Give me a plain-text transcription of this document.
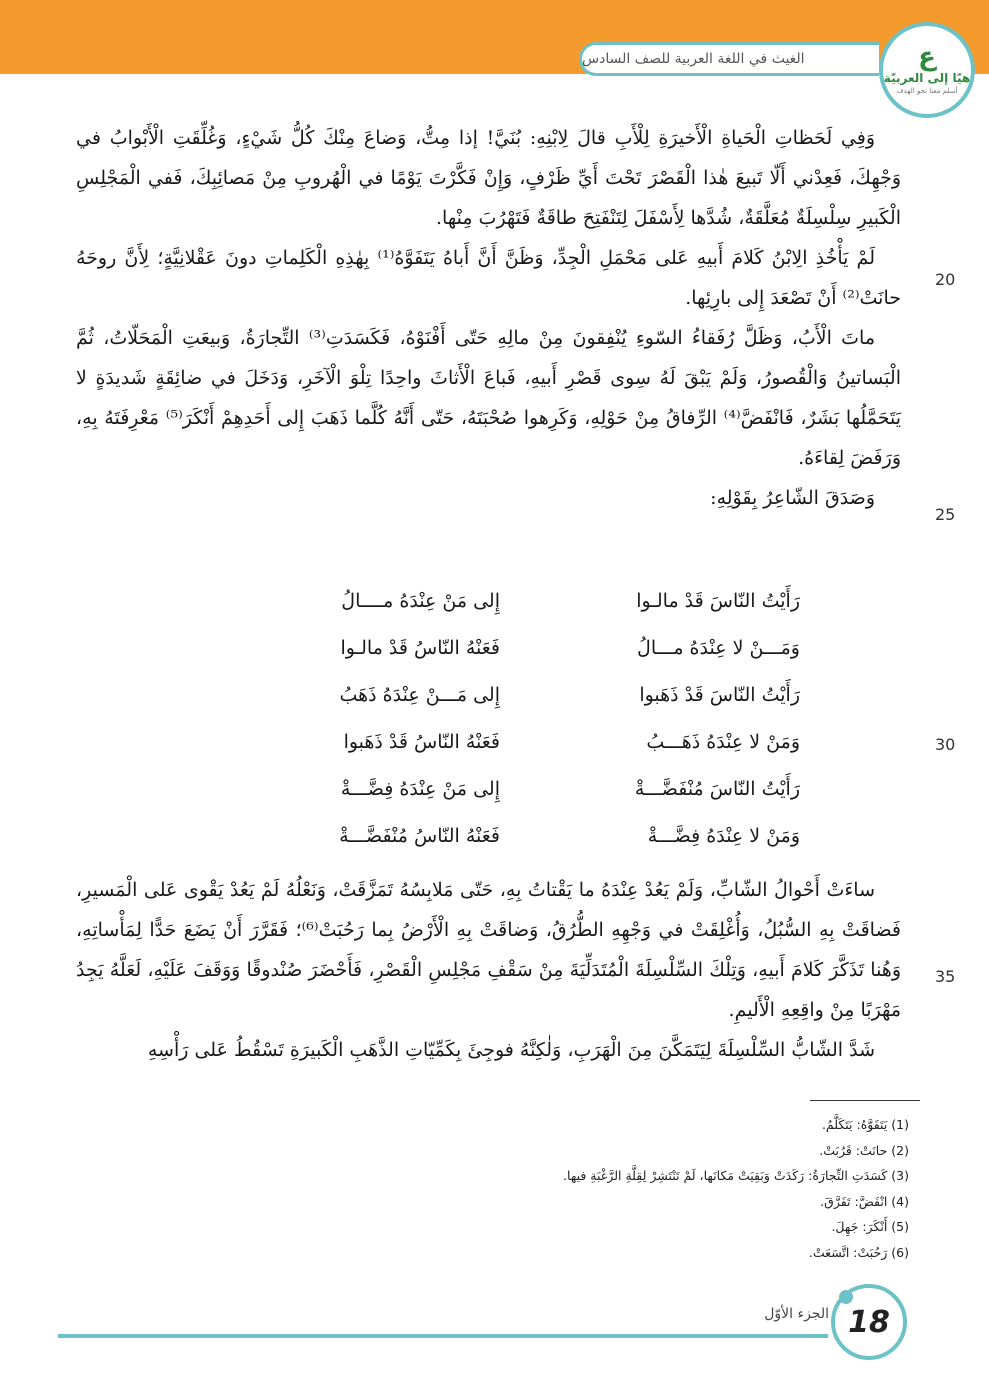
الغيث في اللغة العربية للصف السادس	ع
هيّا إلى العربيّة
أسلم معنا نحو الهدف

وَفِي لَحَظاتِ الْحَياةِ الْأَخيرَةِ لِلْأَبِ قالَ لِابْنِهِ: بُنَيَّ! إذا مِتُّ، وَضاعَ مِنْكَ كُلُّ شَيْءٍ، وَغُلِّقَتِ الْأَبْوابُ في وَجْهِكَ، فَعِدْني أَلّا تَبيعَ هٰذا الْقَصْرَ تَحْتَ أَيِّ ظَرْفٍ، وَإِنْ فَكَّرْتَ يَوْمًا في الْهُروبِ مِنْ مَصائِبِكَ، فَفي الْمَجْلِسِ الْكَبيرِ سِلْسِلَةٌ مُعَلَّقَةٌ، شُدَّها لِأَسْفَلَ لِتَنْفَتِحَ طاقَةٌ فَتَهْرُبَ مِنْها.

لَمْ يَأْخُذِ الِابْنُ كَلامَ أَبيهِ عَلى مَحْمَلِ الْجِدِّ، وَظَنَّ أَنَّ أَباهُ يَتَفَوَّهُ⁽¹⁾ بِهٰذِهِ الْكَلِماتِ دونَ عَقْلانِيَّةٍ؛ لِأَنَّ روحَهُ حانَتْ⁽²⁾ أَنْ تَصْعَدَ إِلى بارِئِها.

ماتَ الْأَبُ، وَظَلَّ رُفَقاءُ السّوءِ يُنْفِقونَ مِنْ مالِهِ حَتّى أَفْنَوْهُ، فَكَسَدَتِ⁽³⁾ التِّجارَةُ، وَبيعَتِ الْمَحَلّاتُ، ثُمَّ الْبَساتينُ وَالْقُصورُ، وَلَمْ يَبْقَ لَهُ سِوى قَصْرِ أَبيهِ، فَباعَ الْأَثاثَ واحِدًا تِلْوَ الْآخَرِ، وَدَخَلَ في ضائِقَةٍ شَديدَةٍ لا يَتَحَمَّلُها بَشَرٌ، فَانْفَضَّ⁽⁴⁾ الرِّفاقُ مِنْ حَوْلِهِ، وَكَرِهوا صُحْبَتَهُ، حَتّى أَنَّهُ كُلَّما ذَهَبَ إِلى أَحَدِهِمْ أَنْكَرَ⁽⁵⁾ مَعْرِفَتَهُ بِهِ، وَرَفَضَ لِقاءَهُ.

وَصَدَقَ الشّاعِرُ بِقَوْلِهِ:

20
25
30
35
رَأَيْتُ النّاسَ قَدْ مالـوا
إِلى مَنْ عِنْدَهُ مــــالُ
وَمَـــنْ لا عِنْدَهُ مـــالُ
فَعَنْهُ النّاسُ قَدْ مالـوا
رَأَيْتُ النّاسَ قَدْ ذَهَبوا
إِلى مَـــنْ عِنْدَهُ ذَهَبُ
وَمَنْ لا عِنْدَهُ ذَهَـــبُ
فَعَنْهُ النّاسُ قَدْ ذَهَبوا
رَأَيْتُ النّاسَ مُنْفَضَّـــةْ
إِلى مَنْ عِنْدَهُ فِضَّـــةْ
وَمَنْ لا عِنْدَهُ فِضَّـــةْ
فَعَنْهُ النّاسُ مُنْفَضَّـــةْ

ساءَتْ أَحْوالُ الشّابِّ، وَلَمْ يَعُدْ عِنْدَهُ ما يَقْتاتُ بِهِ، حَتّى مَلابِسُهُ تَمَزَّقَتْ، وَنَعْلُهُ لَمْ يَعُدْ يَقْوى عَلى الْمَسيرِ، فَضاقَتْ بِهِ السُّبُلُ، وَأُغْلِقَتْ في وَجْهِهِ الطُّرُقُ، وَضاقَتْ بِهِ الْأَرْضُ بِما رَحُبَتْ⁽⁶⁾؛ فَقَرَّرَ أَنْ يَضَعَ حَدًّا لِمَأْساتِهِ، وَهُنا تَذَكَّرَ كَلامَ أَبيهِ، وَتِلْكَ السِّلْسِلَةَ الْمُتَدَلِّيَةَ مِنْ سَقْفِ مَجْلِسِ الْقَصْرِ، فَأَحْضَرَ صُنْدوقًا وَوَقَفَ عَلَيْهِ، لَعَلَّهُ يَجِدُ مَهْرَبًا مِنْ واقِعِهِ الْأَليمِ.

شَدَّ الشّابُّ السِّلْسِلَةَ لِيَتَمَكَّنَ مِنَ الْهَرَبِ، وَلٰكِنَّهُ فوجِئَ بِكَمِّيّاتِ الذَّهَبِ الْكَبيرَةِ تَسْقُطُ عَلى رَأْسِهِ

(1) يَتَفَوَّهُ: يَتَكَلَّمُ.
(2) حانَتْ: قَرُبَتْ.
(3) كَسَدَتِ التِّجارَةُ: رَكَدَتْ وَبَقِيَتْ مَكانَها، لَمْ تَنْتَشِرْ لِقِلَّةِ الرَّغْبَةِ فيها.
(4) انْفَضَّ: تَفَرَّقَ.
(5) أَنْكَرَ: جَهِلَ.
(6) رَحُبَتْ: اتَّسَعَتْ.
الجزء الأوّل 18
